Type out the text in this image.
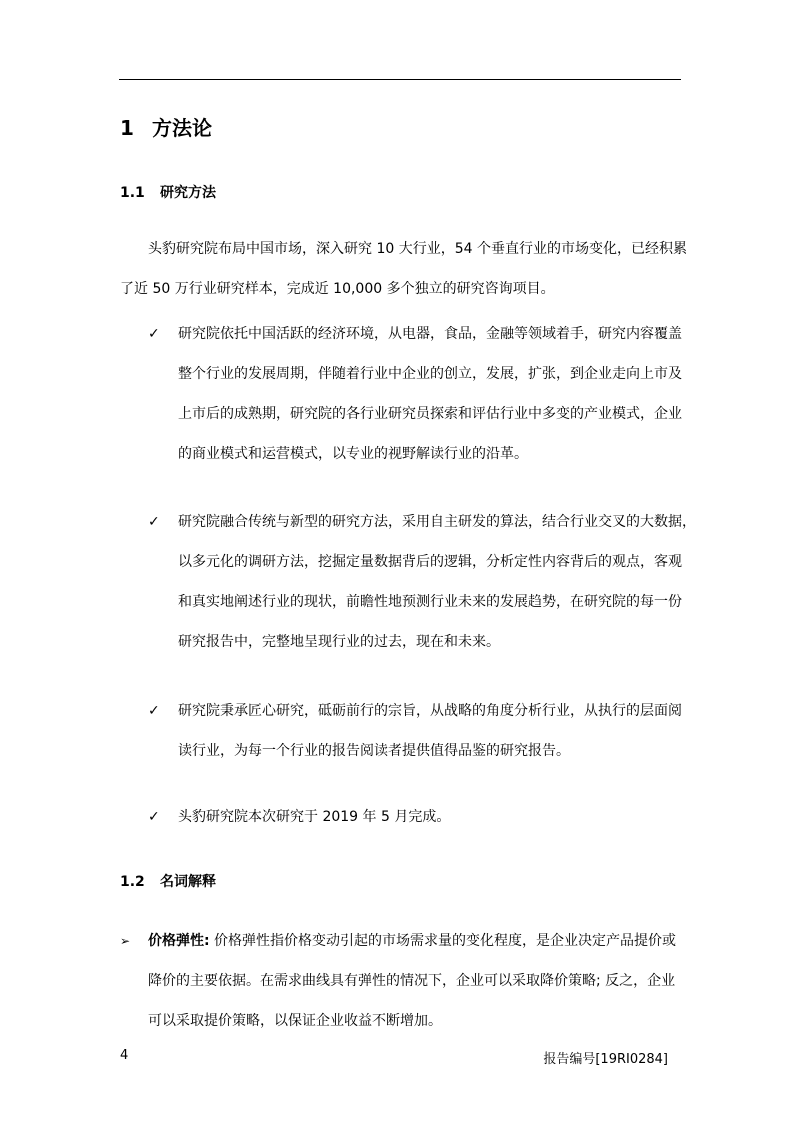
1 方法论
1.1 研究方法
头豹研究院布局中国市场，深入研究 10 大行业，54 个垂直行业的市场变化，已经积累
了近 50 万行业研究样本，完成近 10,000 多个独立的研究咨询项目。
✓	研究院依托中国活跃的经济环境，从电器，食品，金融等领域着手，研究内容覆盖
整个行业的发展周期，伴随着行业中企业的创立，发展，扩张，到企业走向上市及
上市后的成熟期，研究院的各行业研究员探索和评估行业中多变的产业模式，企业
的商业模式和运营模式，以专业的视野解读行业的沿革。
✓	研究院融合传统与新型的研究方法，采用自主研发的算法，结合行业交叉的大数据，
以多元化的调研方法，挖掘定量数据背后的逻辑，分析定性内容背后的观点，客观
和真实地阐述行业的现状，前瞻性地预测行业未来的发展趋势，在研究院的每一份
研究报告中，完整地呈现行业的过去，现在和未来。
✓	研究院秉承匠心研究，砥砺前行的宗旨，从战略的角度分析行业，从执行的层面阅
读行业，为每一个行业的报告阅读者提供值得品鉴的研究报告。
✓	头豹研究院本次研究于 2019 年 5 月完成。
1.2 名词解释
➢ 价格弹性: 价格弹性指价格变动引起的市场需求量的变化程度，是企业决定产品提价或
降价的主要依据。在需求曲线具有弹性的情况下，企业可以采取降价策略; 反之，企业
可以采取提价策略，以保证企业收益不断增加。
4	报告编号[19RI0284]
